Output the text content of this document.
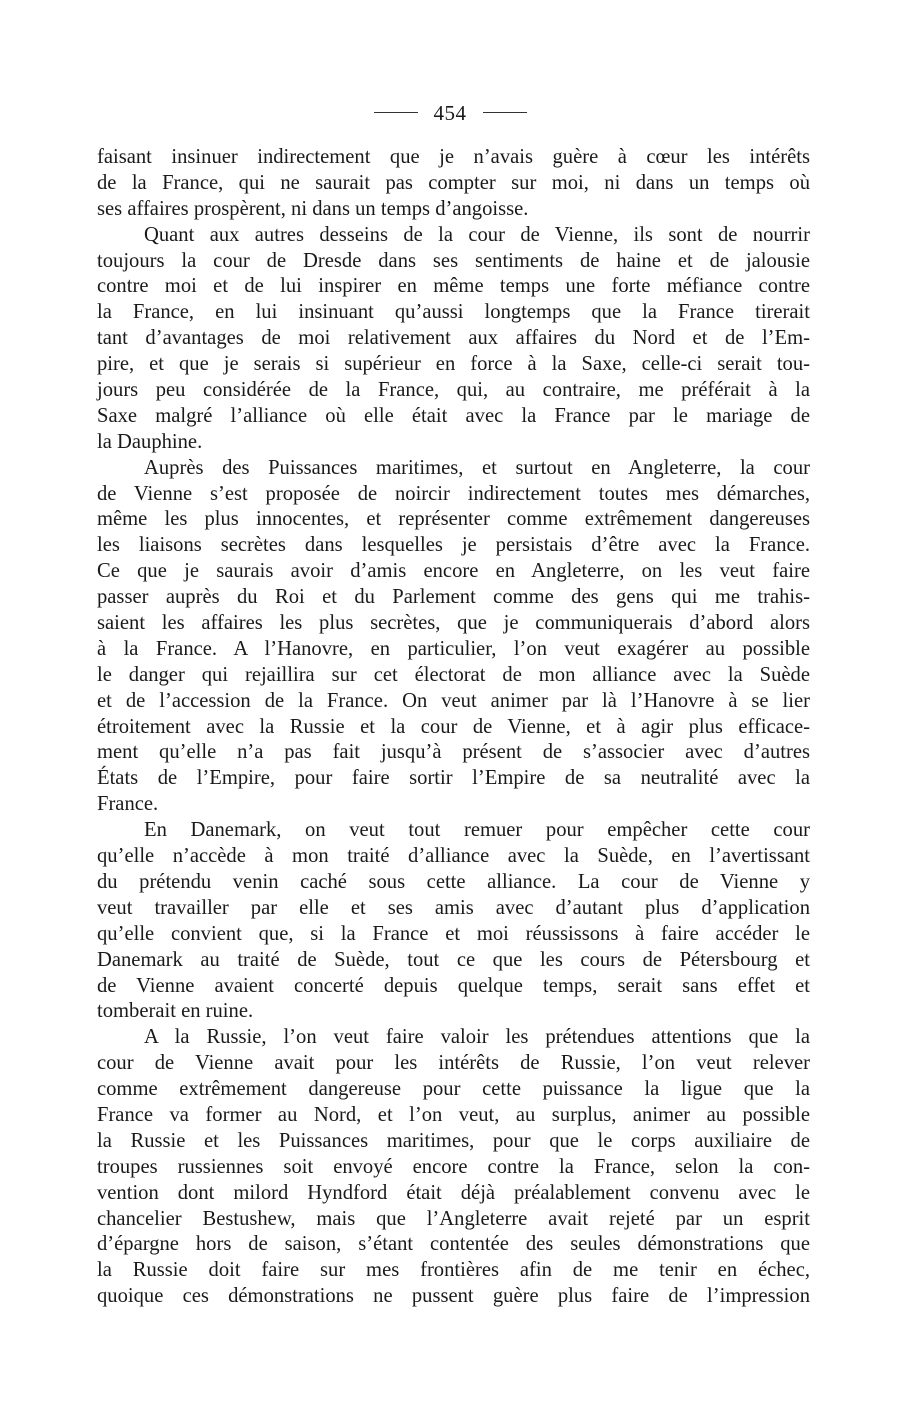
454
faisant insinuer indirectement que je n’avais guère à cœur les intérêts
de la France, qui ne saurait pas compter sur moi, ni dans un temps où
ses affaires prospèrent, ni dans un temps d’angoisse.
Quant aux autres desseins de la cour de Vienne, ils sont de nourrir
toujours la cour de Dresde dans ses sentiments de haine et de jalousie
contre moi et de lui inspirer en même temps une forte méfiance contre
la France, en lui insinuant qu’aussi longtemps que la France tirerait
tant d’avantages de moi relativement aux affaires du Nord et de l’Em-
pire, et que je serais si supérieur en force à la Saxe, celle-ci serait tou-
jours peu considérée de la France, qui, au contraire, me préférait à la
Saxe malgré l’alliance où elle était avec la France par le mariage de
la Dauphine.
Auprès des Puissances maritimes, et surtout en Angleterre, la cour
de Vienne s’est proposée de noircir indirectement toutes mes démarches,
même les plus innocentes, et représenter comme extrêmement dangereuses
les liaisons secrètes dans lesquelles je persistais d’être avec la France.
Ce que je saurais avoir d’amis encore en Angleterre, on les veut faire
passer auprès du Roi et du Parlement comme des gens qui me trahis-
saient les affaires les plus secrètes, que je communiquerais d’abord alors
à la France. A l’Hanovre, en particulier, l’on veut exagérer au possible
le danger qui rejaillira sur cet électorat de mon alliance avec la Suède
et de l’accession de la France. On veut animer par là l’Hanovre à se lier
étroitement avec la Russie et la cour de Vienne, et à agir plus efficace-
ment qu’elle n’a pas fait jusqu’à présent de s’associer avec d’autres
États de l’Empire, pour faire sortir l’Empire de sa neutralité avec la
France.
En Danemark, on veut tout remuer pour empêcher cette cour
qu’elle n’accède à mon traité d’alliance avec la Suède, en l’avertissant
du prétendu venin caché sous cette alliance. La cour de Vienne y
veut travailler par elle et ses amis avec d’autant plus d’application
qu’elle convient que, si la France et moi réussissons à faire accéder le
Danemark au traité de Suède, tout ce que les cours de Pétersbourg et
de Vienne avaient concerté depuis quelque temps, serait sans effet et
tomberait en ruine.
A la Russie, l’on veut faire valoir les prétendues attentions que la
cour de Vienne avait pour les intérêts de Russie, l’on veut relever
comme extrêmement dangereuse pour cette puissance la ligue que la
France va former au Nord, et l’on veut, au surplus, animer au possible
la Russie et les Puissances maritimes, pour que le corps auxiliaire de
troupes russiennes soit envoyé encore contre la France, selon la con-
vention dont milord Hyndford était déjà préalablement convenu avec le
chancelier Bestushew, mais que l’Angleterre avait rejeté par un esprit
d’épargne hors de saison, s’étant contentée des seules démonstrations que
la Russie doit faire sur mes frontières afin de me tenir en échec,
quoique ces démonstrations ne pussent guère plus faire de l’impression
